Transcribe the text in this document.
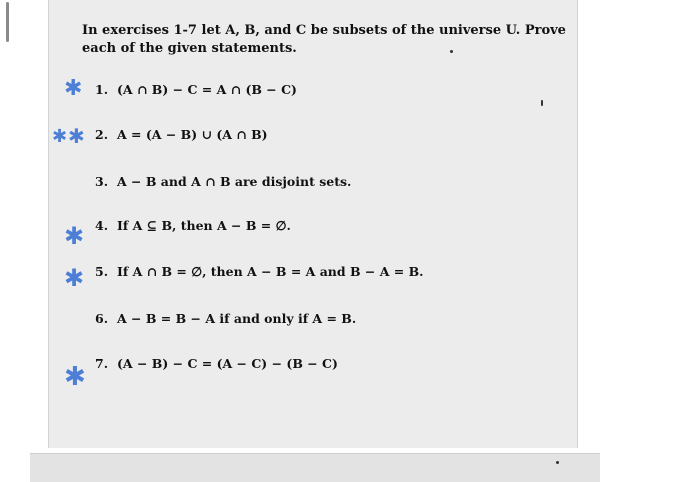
In exercises 1-7 let A, B, and C be subsets of the universe U. Prove each of the given statements.
✱
✱ ✱
✱
✱
✱
1. (A ∩ B) − C = A ∩ (B − C)
2. A = (A − B) ∪ (A ∩ B)
3. A − B and A ∩ B are disjoint sets.
4. If A ⊆ B, then A − B = ∅.
5. If A ∩ B = ∅, then A − B = A and B − A = B.
6. A − B = B − A if and only if A = B.
7. (A − B) − C = (A − C) − (B − C)
